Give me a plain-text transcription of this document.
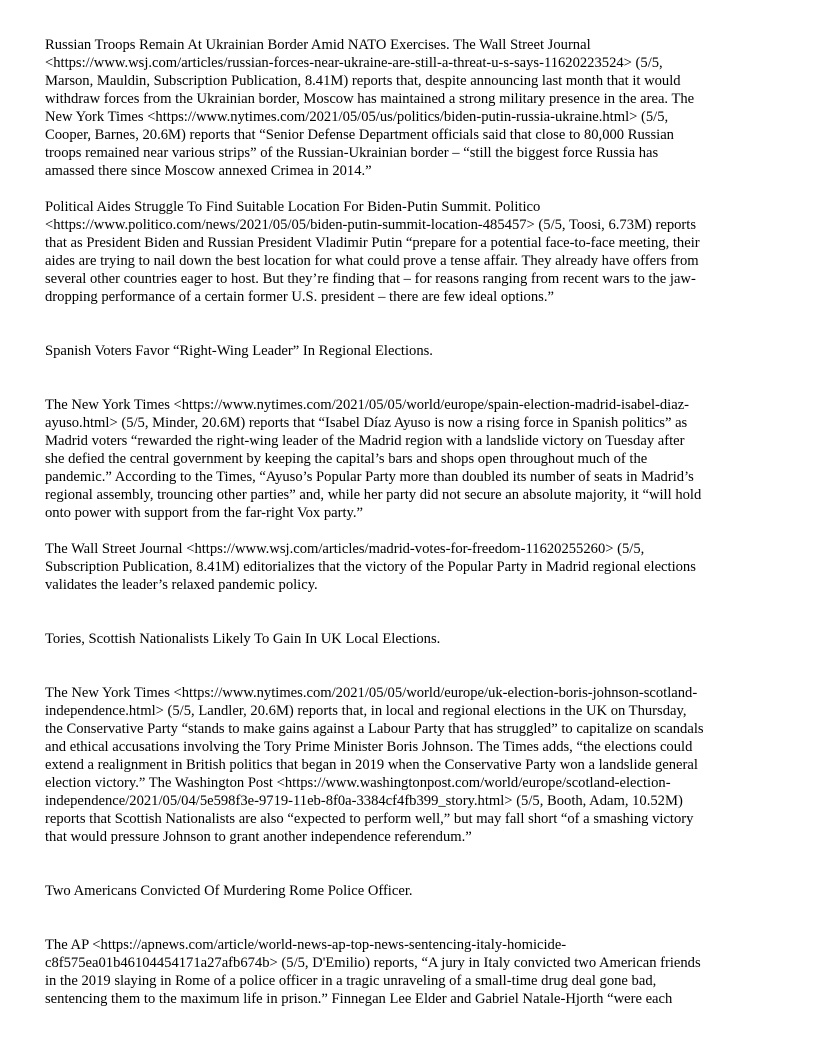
Russian Troops Remain At Ukrainian Border Amid NATO Exercises. The Wall Street Journal
<https://www.wsj.com/articles/russian-forces-near-ukraine-are-still-a-threat-u-s-says-11620223524> (5/5,
Marson, Mauldin, Subscription Publication, 8.41M) reports that, despite announcing last month that it would
withdraw forces from the Ukrainian border, Moscow has maintained a strong military presence in the area. The
New York Times <https://www.nytimes.com/2021/05/05/us/politics/biden-putin-russia-ukraine.html> (5/5,
Cooper, Barnes, 20.6M) reports that “Senior Defense Department officials said that close to 80,000 Russian
troops remained near various strips” of the Russian-Ukrainian border – “still the biggest force Russia has
amassed there since Moscow annexed Crimea in 2014.”

Political Aides Struggle To Find Suitable Location For Biden-Putin Summit. Politico
<https://www.politico.com/news/2021/05/05/biden-putin-summit-location-485457> (5/5, Toosi, 6.73M) reports
that as President Biden and Russian President Vladimir Putin “prepare for a potential face-to-face meeting, their
aides are trying to nail down the best location for what could prove a tense affair. They already have offers from
several other countries eager to host. But they’re finding that – for reasons ranging from recent wars to the jaw-
dropping performance of a certain former U.S. president – there are few ideal options.”

Spanish Voters Favor “Right-Wing Leader” In Regional Elections.

The New York Times <https://www.nytimes.com/2021/05/05/world/europe/spain-election-madrid-isabel-diaz-
ayuso.html> (5/5, Minder, 20.6M) reports that “Isabel Díaz Ayuso is now a rising force in Spanish politics” as
Madrid voters “rewarded the right-wing leader of the Madrid region with a landslide victory on Tuesday after
she defied the central government by keeping the capital’s bars and shops open throughout much of the
pandemic.” According to the Times, “Ayuso’s Popular Party more than doubled its number of seats in Madrid’s
regional assembly, trouncing other parties” and, while her party did not secure an absolute majority, it “will hold
onto power with support from the far-right Vox party.”

The Wall Street Journal <https://www.wsj.com/articles/madrid-votes-for-freedom-11620255260> (5/5,
Subscription Publication, 8.41M) editorializes that the victory of the Popular Party in Madrid regional elections
validates the leader’s relaxed pandemic policy.

Tories, Scottish Nationalists Likely To Gain In UK Local Elections.

The New York Times <https://www.nytimes.com/2021/05/05/world/europe/uk-election-boris-johnson-scotland-
independence.html> (5/5, Landler, 20.6M) reports that, in local and regional elections in the UK on Thursday,
the Conservative Party “stands to make gains against a Labour Party that has struggled” to capitalize on scandals
and ethical accusations involving the Tory Prime Minister Boris Johnson. The Times adds, “the elections could
extend a realignment in British politics that began in 2019 when the Conservative Party won a landslide general
election victory.” The Washington Post <https://www.washingtonpost.com/world/europe/scotland-election-
independence/2021/05/04/5e598f3e-9719-11eb-8f0a-3384cf4fb399_story.html> (5/5, Booth, Adam, 10.52M)
reports that Scottish Nationalists are also “expected to perform well,” but may fall short “of a smashing victory
that would pressure Johnson to grant another independence referendum.”

Two Americans Convicted Of Murdering Rome Police Officer.

The AP <https://apnews.com/article/world-news-ap-top-news-sentencing-italy-homicide-
c8f575ea01b46104454171a27afb674b> (5/5, D'Emilio) reports, “A jury in Italy convicted two American friends
in the 2019 slaying in Rome of a police officer in a tragic unraveling of a small-time drug deal gone bad,
sentencing them to the maximum life in prison.” Finnegan Lee Elder and Gabriel Natale-Hjorth “were each
